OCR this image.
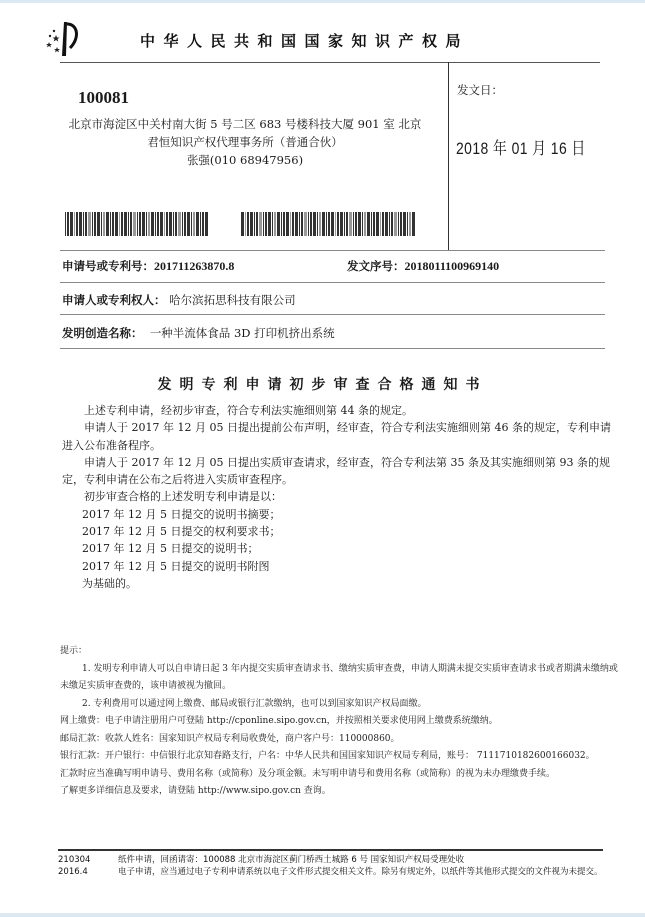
中华人民共和国国家知识产权局
100081
北京市海淀区中关村南大街 5 号二区 683 号楼科技大厦 901 室 北京
君恒知识产权代理事务所（普通合伙）
张强(010 68947956)
发文日：
2018 年 01 月 16 日
申请号或专利号：201711263870.8	发文序号：2018011100969140
申请人或专利权人： 哈尔滨拓思科技有限公司
发明创造名称： 一种半流体食品 3D 打印机挤出系统
发明专利申请初步审查合格通知书

上述专利申请，经初步审查，符合专利法实施细则第 44 条的规定。

申请人于 2017 年 12 月 05 日提出提前公布声明，经审查，符合专利法实施细则第 46 条的规定，专利申请进入公布准备程序。

申请人于 2017 年 12 月 05 日提出实质审查请求，经审查，符合专利法第 35 条及其实施细则第 93 条的规定，专利申请在公布之后将进入实质审查程序。

初步审查合格的上述发明专利申请是以：

2017 年 12 月 5 日提交的说明书摘要；

2017 年 12 月 5 日提交的权利要求书；

2017 年 12 月 5 日提交的说明书；

2017 年 12 月 5 日提交的说明书附图

为基础的。

提示：

1. 发明专利申请人可以自申请日起 3 年内提交实质审查请求书、缴纳实质审查费，申请人期满未提交实质审查请求书或者期满未缴纳或未缴足实质审查费的，该申请被视为撤回。

2. 专利费用可以通过网上缴费、邮局或银行汇款缴纳，也可以到国家知识产权局面缴。

网上缴费：电子申请注册用户可登陆 http://cponline.sipo.gov.cn，并按照相关要求使用网上缴费系统缴纳。

邮局汇款：收款人姓名：国家知识产权局专利局收费处，商户客户号：110000860。

银行汇款：开户银行：中信银行北京知春路支行，户名：中华人民共和国国家知识产权局专利局，账号： 7111710182600166032。

汇款时应当准确写明申请号、费用名称（或简称）及分项金额。未写明申请号和费用名称（或简称）的视为未办理缴费手续。

了解更多详细信息及要求，请登陆 http://www.sipo.gov.cn 查询。

210304	纸件申请，回函请寄：100088 北京市海淀区蓟门桥西土城路 6 号 国家知识产权局受理处收
2016.4	电子申请，应当通过电子专利申请系统以电子文件形式提交相关文件。除另有规定外，以纸件等其他形式提交的文件视为未提交。
